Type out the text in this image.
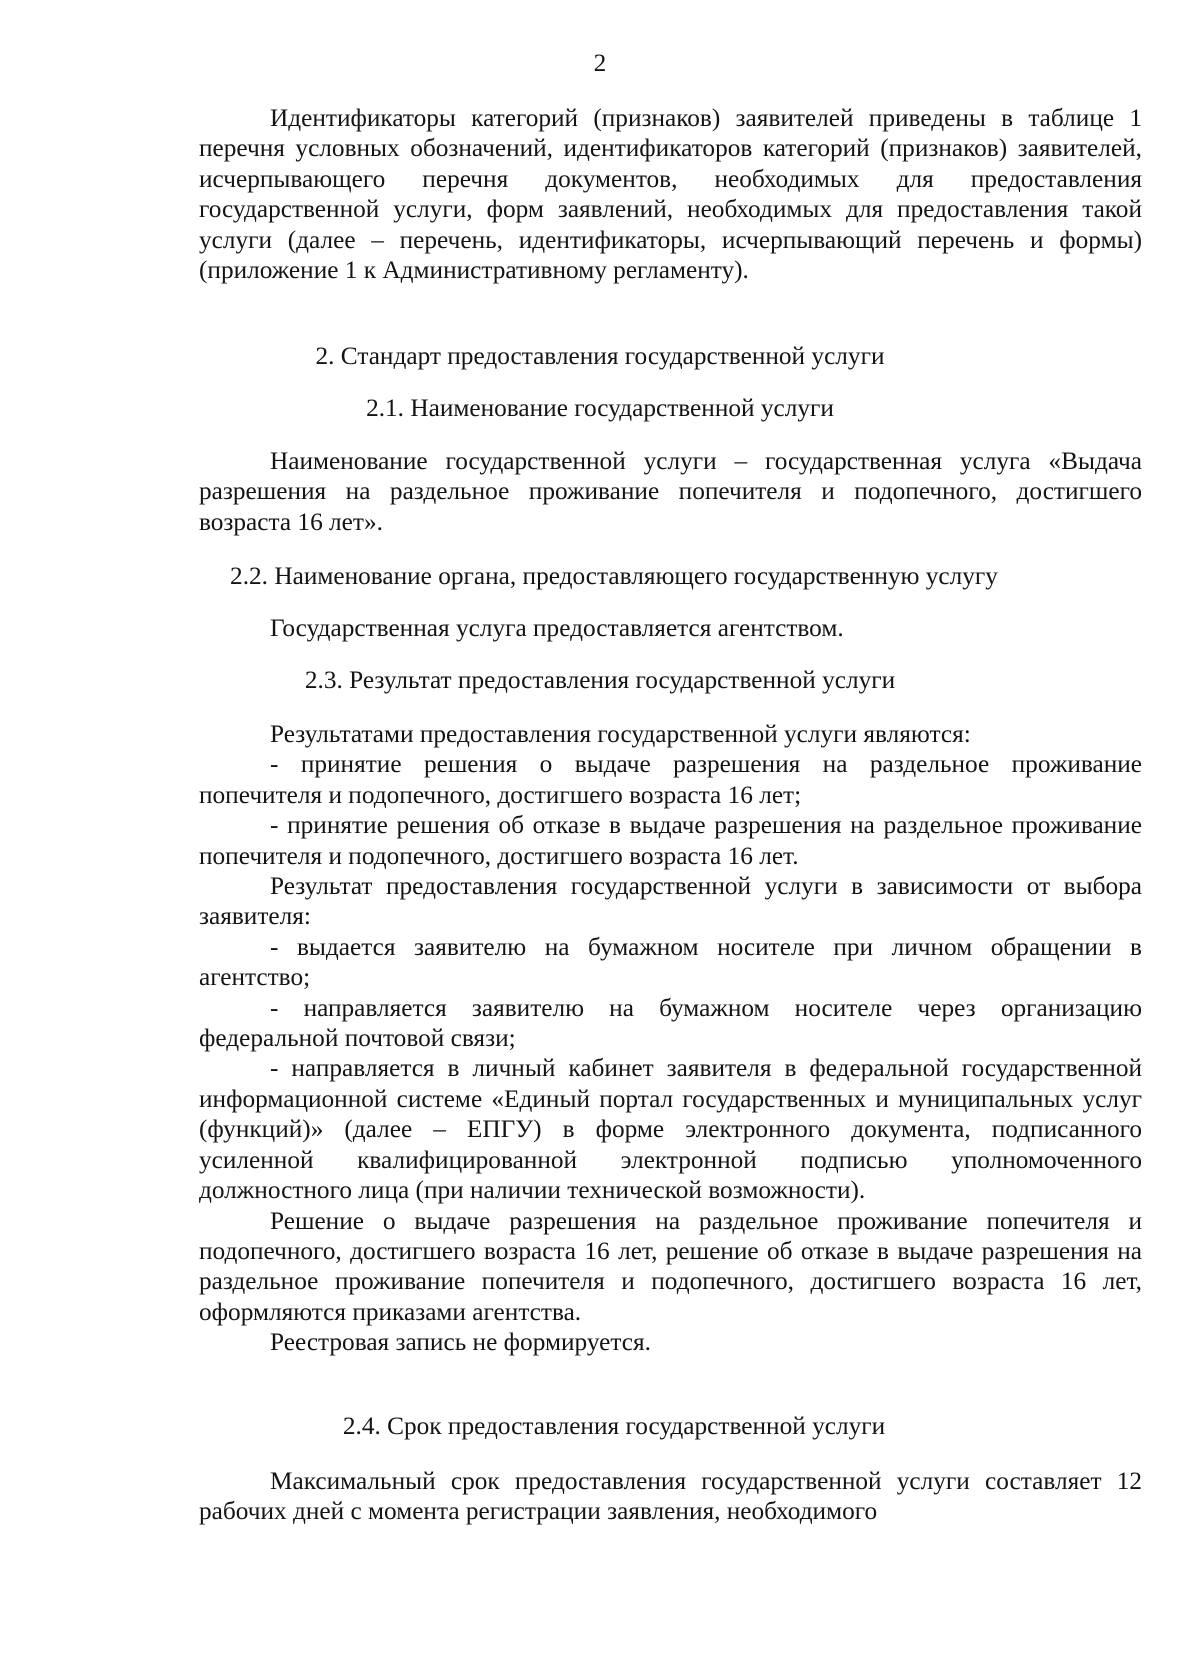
2

Идентификаторы категорий (признаков) заявителей приведены в таблице 1 перечня условных обозначений, идентификаторов категорий (признаков) заявителей, исчерпывающего перечня документов, необходимых для предоставления государственной услуги, форм заявлений, необходимых для предоставления такой услуги (далее – перечень, идентификаторы, исчерпывающий перечень и формы) (приложение 1 к Административному регламенту).

2. Стандарт предоставления государственной услуги
2.1. Наименование государственной услуги

Наименование государственной услуги – государственная услуга «Выдача разрешения на раздельное проживание попечителя и подопечного, достигшего возраста 16 лет».

2.2. Наименование органа, предоставляющего государственную услугу

Государственная услуга предоставляется агентством.

2.3. Результат предоставления государственной услуги

Результатами предоставления государственной услуги являются:

- принятие решения о выдаче разрешения на раздельное проживание попечителя и подопечного, достигшего возраста 16 лет;

- принятие решения об отказе в выдаче разрешения на раздельное проживание попечителя и подопечного, достигшего возраста 16 лет.

Результат предоставления государственной услуги в зависимости от выбора заявителя:

- выдается заявителю на бумажном носителе при личном обращении в агентство;

- направляется заявителю на бумажном носителе через организацию федеральной почтовой связи;

- направляется в личный кабинет заявителя в федеральной государственной информационной системе «Единый портал государственных и муниципальных услуг (функций)» (далее – ЕПГУ) в форме электронного документа, подписанного усиленной квалифицированной электронной подписью уполномоченного должностного лица (при наличии технической возможности).

Решение о выдаче разрешения на раздельное проживание попечителя и подопечного, достигшего возраста 16 лет, решение об отказе в выдаче разрешения на раздельное проживание попечителя и подопечного, достигшего возраста 16 лет, оформляются приказами агентства.

Реестровая запись не формируется.

2.4. Срок предоставления государственной услуги

Максимальный срок предоставления государственной услуги составляет 12 рабочих дней с момента регистрации заявления, необходимого
